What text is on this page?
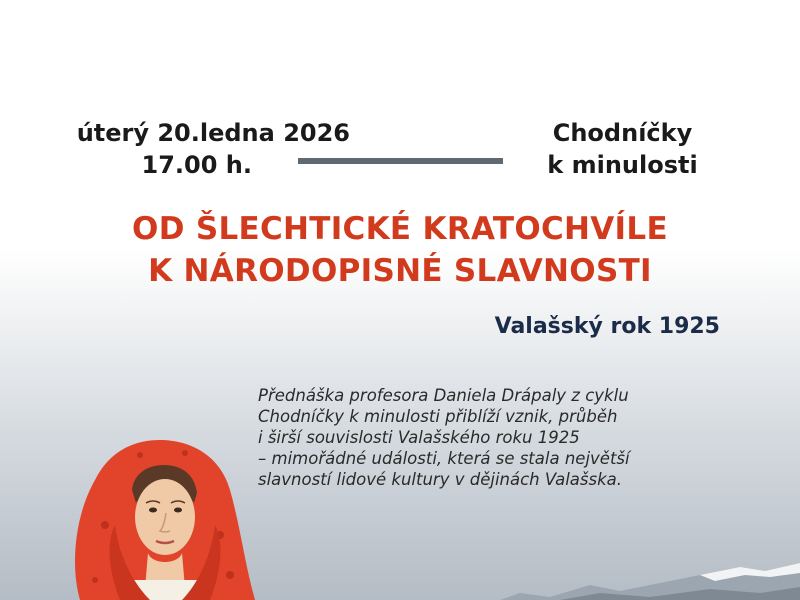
úterý 20.ledna 2026
17.00 h.
Chodníčky
k minulosti
OD ŠLECHTICKÉ KRATOCHVÍLE
K NÁRODOPISNÉ SLAVNOSTI
Valašský rok 1925
Přednáška profesora Daniela Drápaly z cyklu
Chodníčky k minulosti přiblíží vznik, průběh
i širší souvislosti Valašského roku 1925
– mimořádné události, která se stala největší
slavností lidové kultury v dějinách Valašska.
